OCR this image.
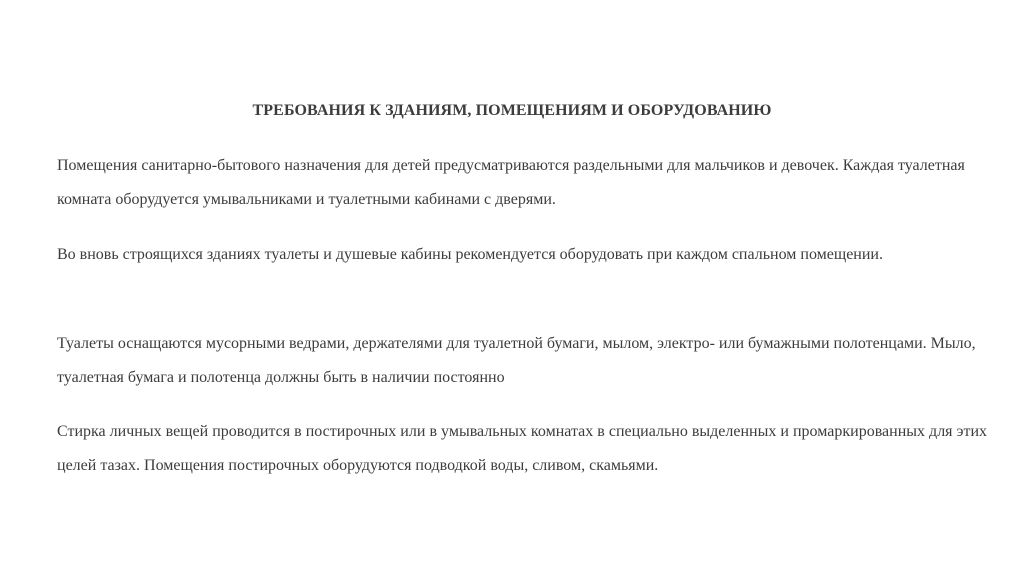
ТРЕБОВАНИЯ К ЗДАНИЯМ, ПОМЕЩЕНИЯМ И ОБОРУДОВАНИЮ

Помещения санитарно-бытового назначения для детей предусматриваются раздельными для мальчиков и девочек. Каждая туалетная комната оборудуется умывальниками и туалетными кабинами с дверями.

Во вновь строящихся зданиях туалеты и душевые кабины рекомендуется оборудовать при каждом спальном помещении.

Туалеты оснащаются мусорными ведрами, держателями для туалетной бумаги, мылом, электро- или бумажными полотенцами. Мыло, туалетная бумага и полотенца должны быть в наличии постоянно

Стирка личных вещей проводится в постирочных или в умывальных комнатах в специально выделенных и промаркированных для этих целей тазах. Помещения постирочных оборудуются подводкой воды, сливом, скамьями.
